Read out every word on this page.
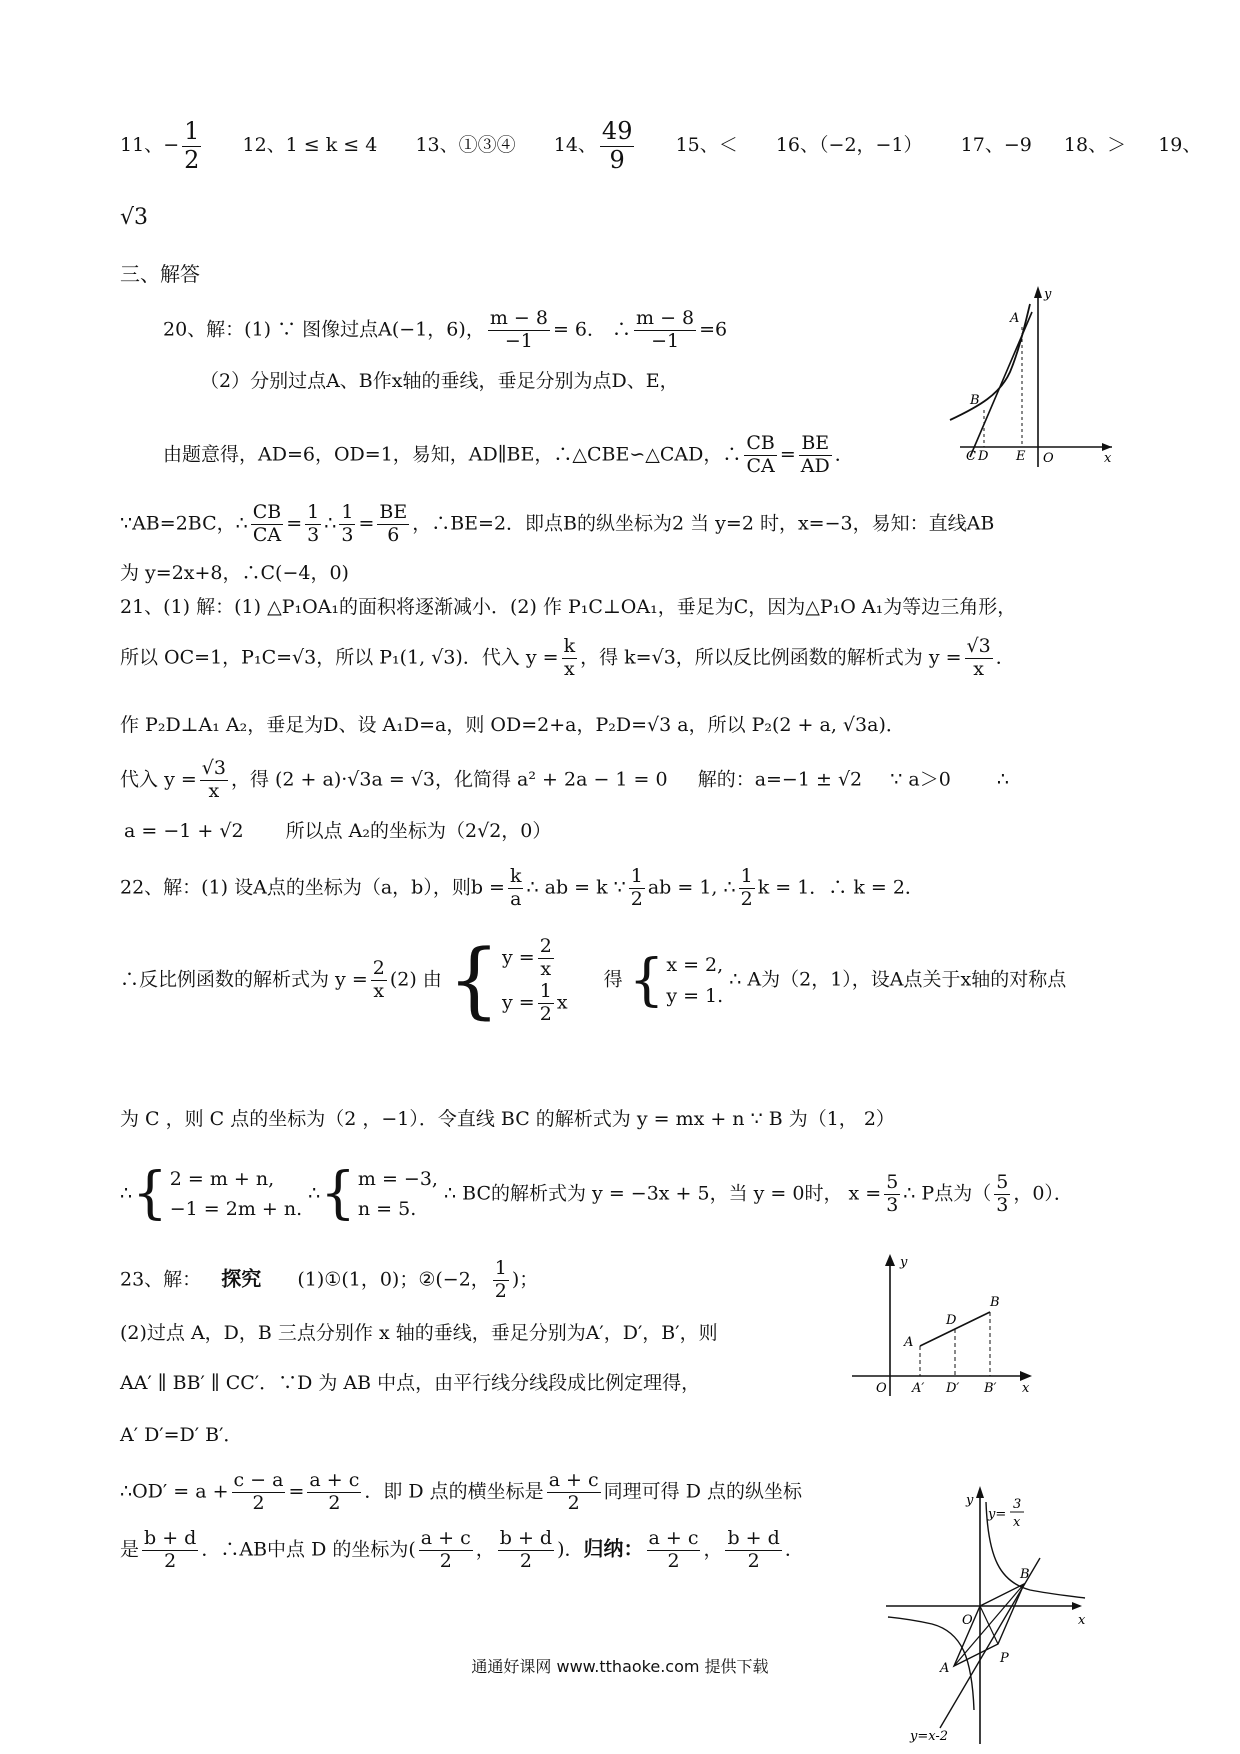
11、− $\frac{1}{2} 12$、1 ≤ k ≤ 4 13、①③④ 14、 $\frac{49}{9} 15$、＜ 16、（−2，−1） 17、−9 18、＞ 19、
√3
三、解答
20、解：(1) ∵ 图像过点A(−1，6)， $\frac{m - 8}{-1} = 6$． ∴ $\frac{m - 8}{-1} =6$
（2）分别过点A、B作x轴的垂线，垂足分别为点D、E，
由题意得，AD=6，OD=1，易知，AD∥BE，∴△CBE∽△CAD，∴ $\frac{CB}{CA} = \frac{BE}{AD}$ ．
∵AB=2BC，∴ $\frac{CB}{CA} = \frac{1}{3}$ ∴ $\frac{1}{3} = \frac{BE}{6}$ ，∴BE=2．即点B的纵坐标为2 当 y=2 时，x=−3，易知：直线AB
为 y=2x+8，∴C(−4，0)
y
A
B
C D E O	x
21、(1) 解：(1) △P₁OA₁的面积将逐渐减小．(2) 作 P₁C⊥OA₁，垂足为C，因为△P₁O A₁为等边三角形，
所以 OC=1，P₁C=√3，所以 P₁(1, √3)．代入 $y = \frac{k}{x}$ ，得 k=√3，所以反比例函数的解析式为 $y = \frac{√3}{x}$ ．
作 P₂D⊥A₁ A₂，垂足为D、设 A₁D=a，则 OD=2+a，P₂D=√3 a，所以 P₂(2 + a, √3a)．
代入 $y = \frac{√3}{x}$ ，得 (2 + a)·√3a = √3，化简得 a² + 2a − 1 = 0 解的：a=−1 ± √2 ∵ a＞0 ∴
a = −1 + √2 所以点 A₂的坐标为（2√2，0）
22、解：(1) 设A点的坐标为（a，b），则$b = \frac{k}{a}$ ∴ ab = k ∵ $\frac{1}{2}$ ab = 1, ∴ $\frac{1}{2}$ k = 1．∴ k = 2．
∴反比例函数的解析式为 $y = \frac{2}{x} (2)$ 由 { $y = \frac{2}{x}$
$y = \frac{1}{2}$ x
得 { x = 2,
y = 1.
∴ A为（2，1），设A点关于x轴的对称点
为 C ，则 C 点的坐标为（2 ，−1）．令直线 BC 的解析式为 y = mx + n ∵ B 为（1， 2）
∴{ 2 = m + n,
−1 = 2m + n.
∴{ m = −3,
n = 5.
∴ BC的解析式为 y = −3x + 5，当 y = 0时， $x = \frac{5}{3}$ ∴ P点为（ $\frac{5}{3}$ ，0）．
23、解： 探究 (1)①(1，0)；②(−2， $\frac{1}{2}$ )；
(2)过点 A，D，B 三点分别作 x 轴的垂线，垂足分别为A′，D′，B′，则
AA′ ∥ BB′ ∥ CC′．∵D 为 AB 中点，由平行线分线段成比例定理得，
A′ D′=D′ B′．
∴OD′ = $a + \frac{c - a}{2} = \frac{a + c}{2}$ ．即 D 点的横坐标是 $\frac{a + c}{2}$ 同理可得 D 点的纵坐标
是 $\frac{b + d}{2}$ ．∴AB中点 D 的坐标为( $\frac{a + c}{2}$ ， $\frac{b + d}{2}$ )．归纳： $\frac{a + c}{2}$ ， $\frac{b + d}{2}$ ．
y
A
D
B
O A′ D′ B′ x
y
y=
3
x
B
O	x
P
A
y=x-2
通通好课网 www.tthaoke.com 提供下载
